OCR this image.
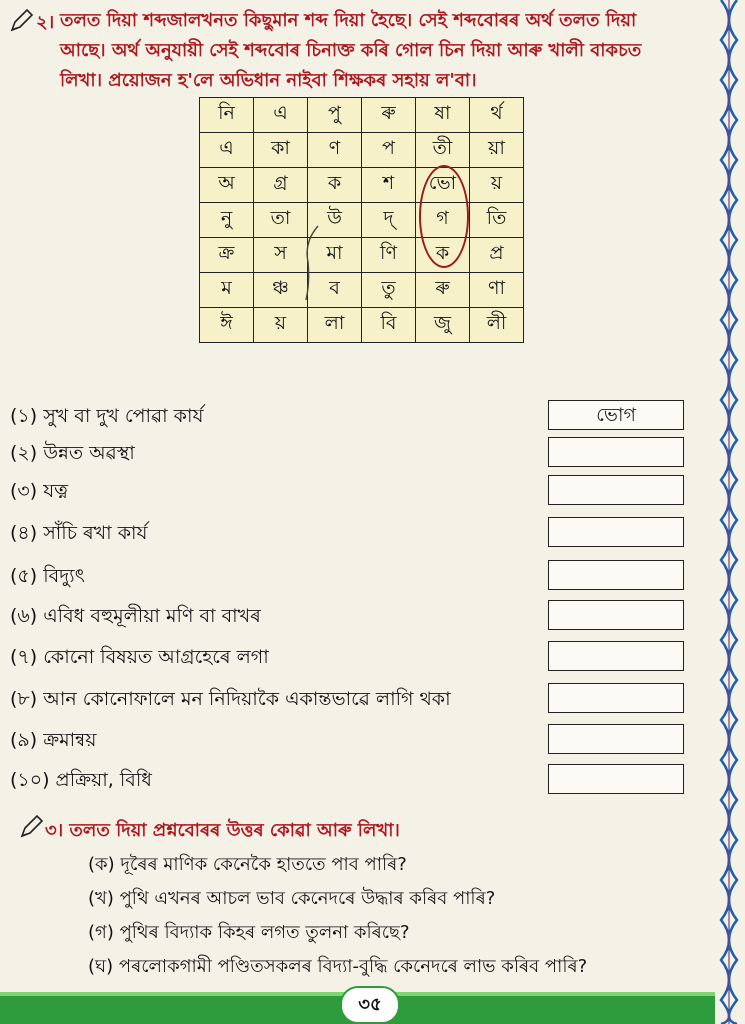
২। তলত দিয়া শব্দজালখনত কিছুমান শব্দ দিয়া হৈছে। সেই শব্দবোৰৰ অৰ্থ তলত দিয়া
আছে। অৰ্থ অনুযায়ী সেই শব্দবোৰ চিনাক্ত কৰি গোল চিন দিয়া আৰু খালী বাকচত
লিখা। প্ৰয়োজন হ'লে অভিধান নাইবা শিক্ষকৰ সহায় ল'বা।
নি	এ	পু	ৰু	ষা	ৰ্থ
এ	কা	ণ	প	তী	য়া
অ	গ্ৰ	ক	শ	ভো	য়
নু	তা	উ	দ্	গ	তি
ক্ৰ	স	মা	ণি	ক	প্ৰ
ম	ঞ্চ	ব	তু	ৰু	ণা
ঈ	য়	লা	বি	জু	লী
(১) সুখ বা দুখ পোৱা কাৰ্য	ভোগ
(২) উন্নত অৱস্থা
(৩) যত্ন
(৪) সাঁচি ৰখা কাৰ্য
(৫) বিদ্যুৎ
(৬) এবিধ বহুমূলীয়া মণি বা বাখৰ
(৭) কোনো বিষয়ত আগ্ৰহেৰে লগা
(৮) আন কোনোফালে মন নিদিয়াকৈ একান্তভাৱে লাগি থকা
(৯) ক্ৰমান্বয়
(১০) প্ৰক্ৰিয়া, বিধি
৩। তলত দিয়া প্ৰশ্নবোৰৰ উত্তৰ কোৱা আৰু লিখা।
(ক) দূৰৈৰ মাণিক কেনেকৈ হাততে পাব পাৰি?
(খ) পুথি এখনৰ আচল ভাব কেনেদৰে উদ্ধাৰ কৰিব পাৰি?
(গ) পুথিৰ বিদ্যাক কিহৰ লগত তুলনা কৰিছে?
(ঘ) পৰলোকগামী পণ্ডিতসকলৰ বিদ্যা-বুদ্ধি কেনেদৰে লাভ কৰিব পাৰি?
৩৫
